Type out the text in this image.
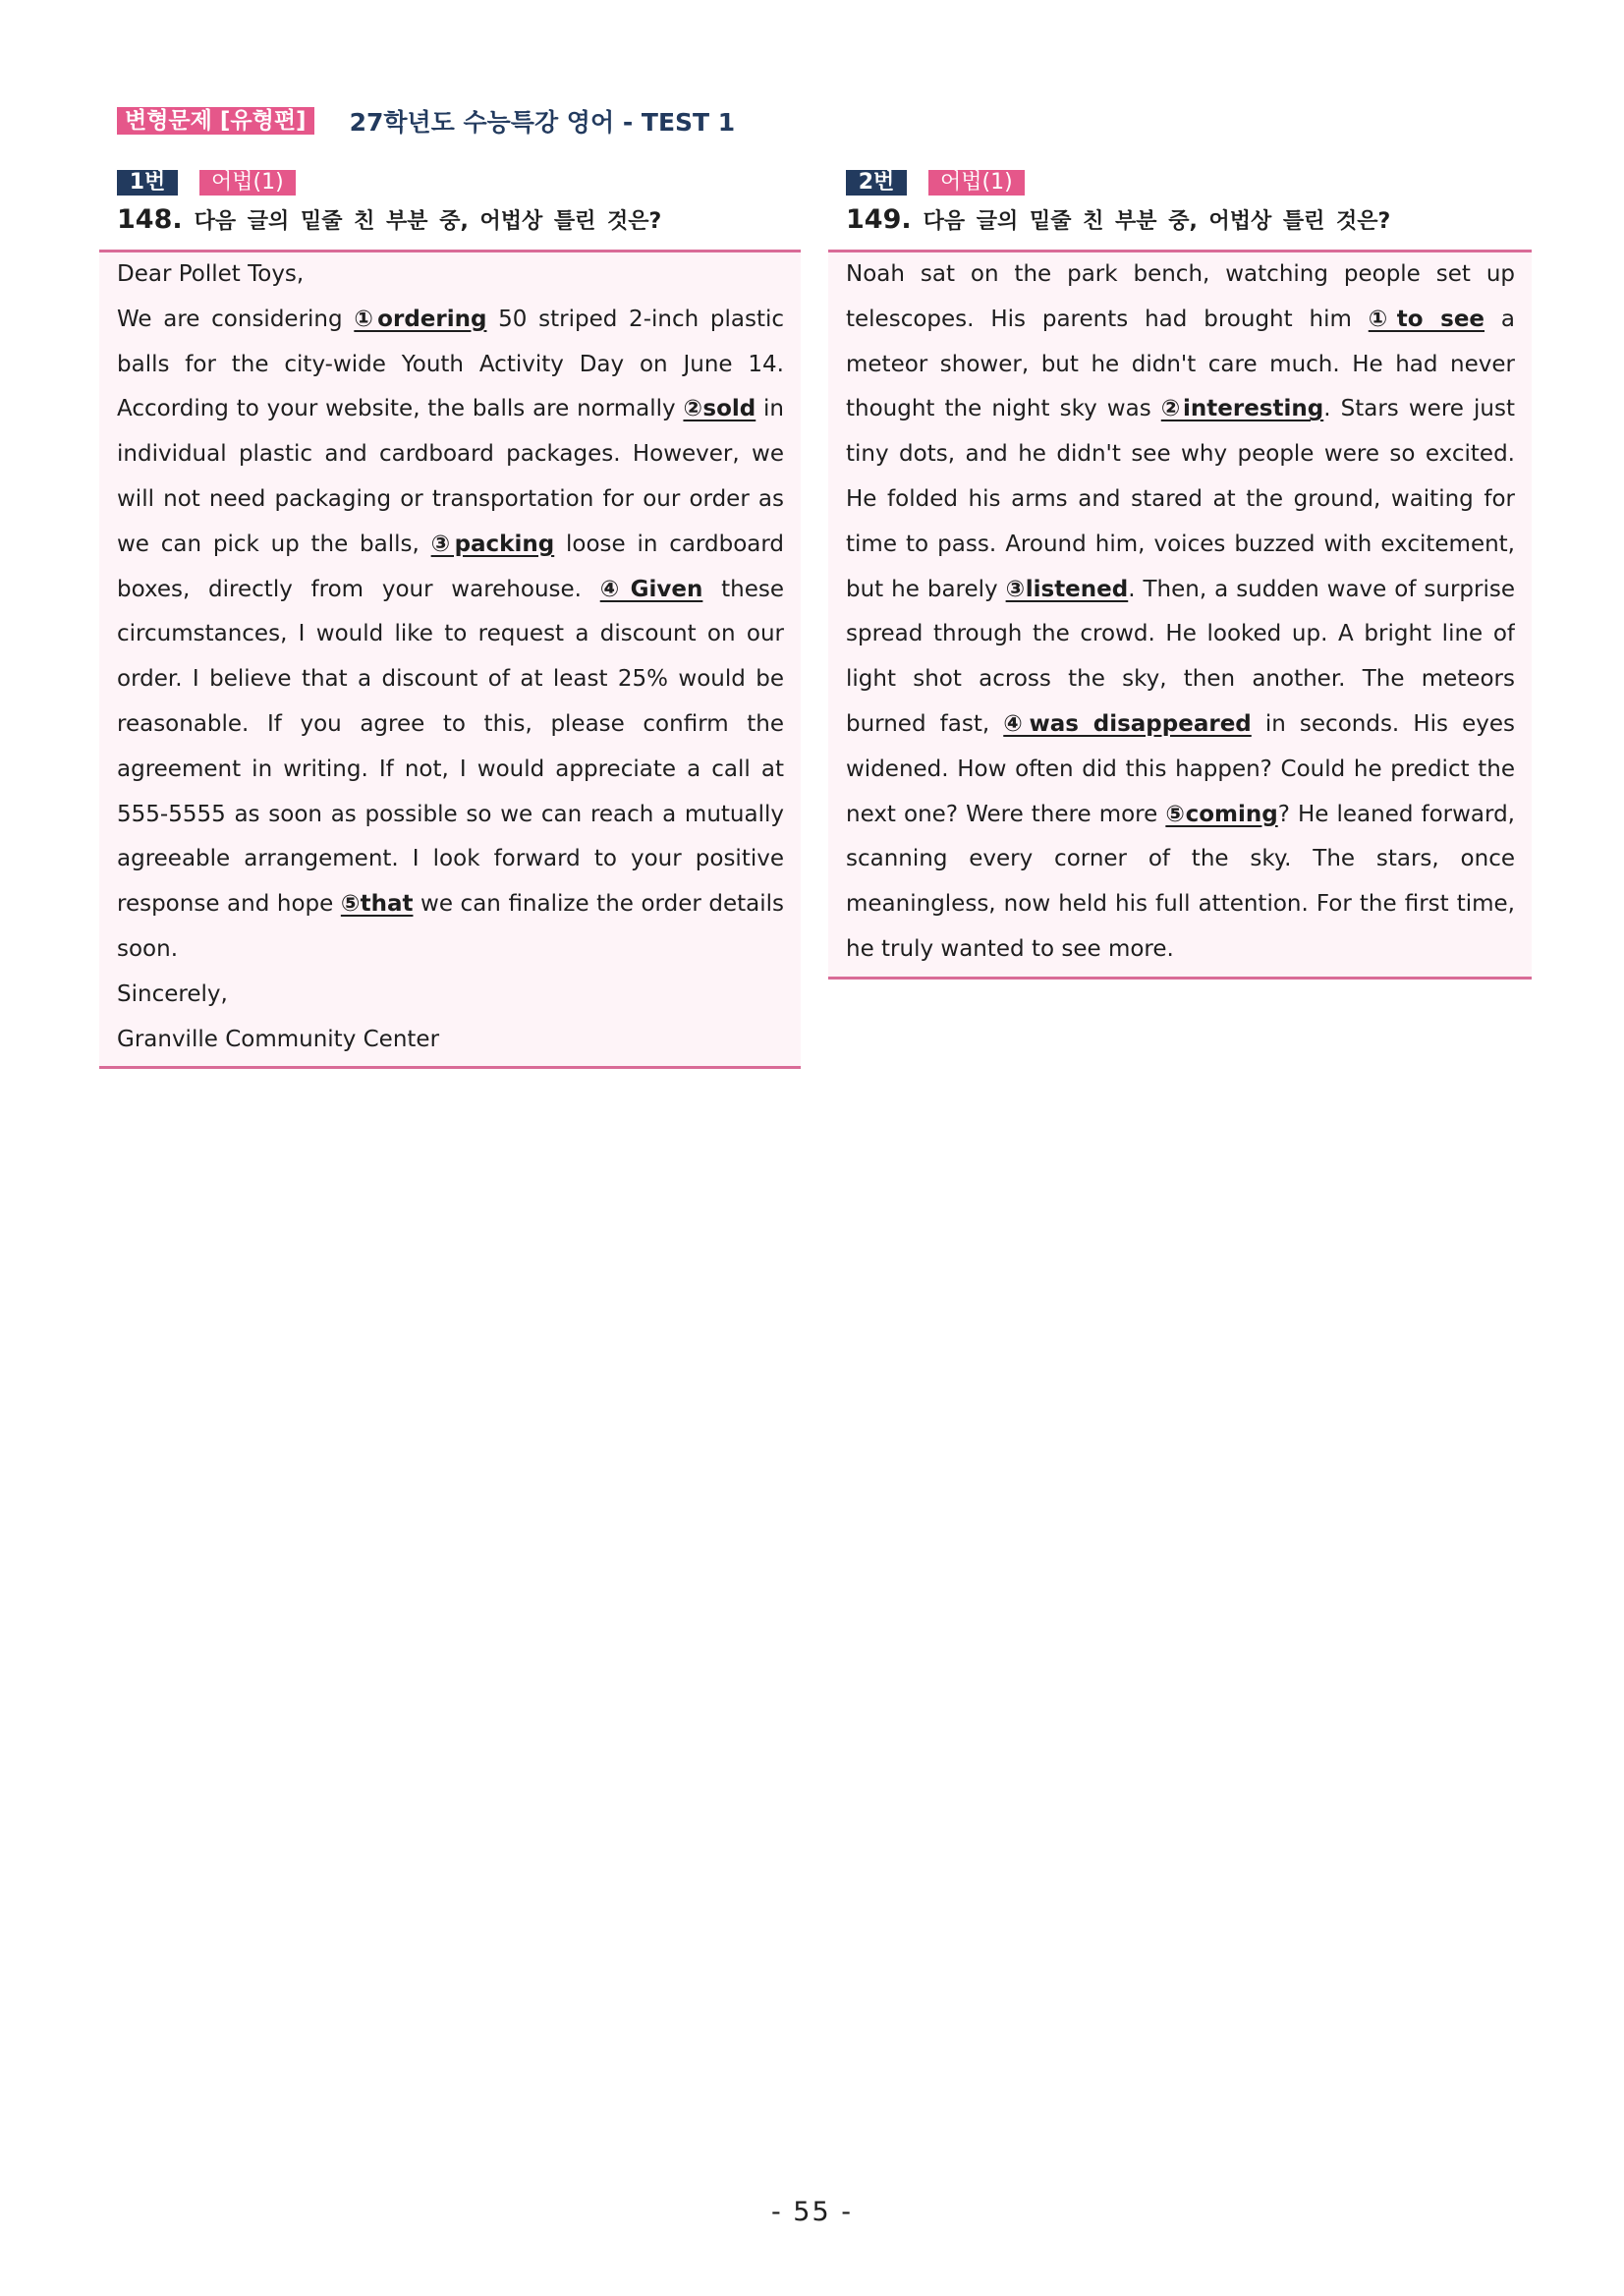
변형문제 [유형편]	27학년도 수능특강 영어 - TEST 1
1번	어법(1)
148. 다음 글의 밑줄 친 부분 중, 어법상 틀린 것은?
Dear Pollet Toys,
We are considering ①ordering 50 striped 2-inch plastic
balls for the city-wide Youth Activity Day on June 14.
According to your website, the balls are normally ②sold in
individual plastic and cardboard packages. However, we
will not need packaging or transportation for our order as
we can pick up the balls, ③packing loose in cardboard
boxes, directly from your warehouse. ④Given these
circumstances, I would like to request a discount on our
order. I believe that a discount of at least 25% would be
reasonable. If you agree to this, please confirm the
agreement in writing. If not, I would appreciate a call at
555-5555 as soon as possible so we can reach a mutually
agreeable arrangement. I look forward to your positive
response and hope ⑤that we can finalize the order details
soon.
Sincerely,
Granville Community Center
2번	어법(1)
149. 다음 글의 밑줄 친 부분 중, 어법상 틀린 것은?
Noah sat on the park bench, watching people set up
telescopes. His parents had brought him ①to see a
meteor shower, but he didn't care much. He had never
thought the night sky was ②interesting. Stars were just
tiny dots, and he didn't see why people were so excited.
He folded his arms and stared at the ground, waiting for
time to pass. Around him, voices buzzed with excitement,
but he barely ③listened. Then, a sudden wave of surprise
spread through the crowd. He looked up. A bright line of
light shot across the sky, then another. The meteors
burned fast, ④was disappeared in seconds. His eyes
widened. How often did this happen? Could he predict the
next one? Were there more ⑤coming? He leaned forward,
scanning every corner of the sky. The stars, once
meaningless, now held his full attention. For the first time,
he truly wanted to see more.
- 55 -
